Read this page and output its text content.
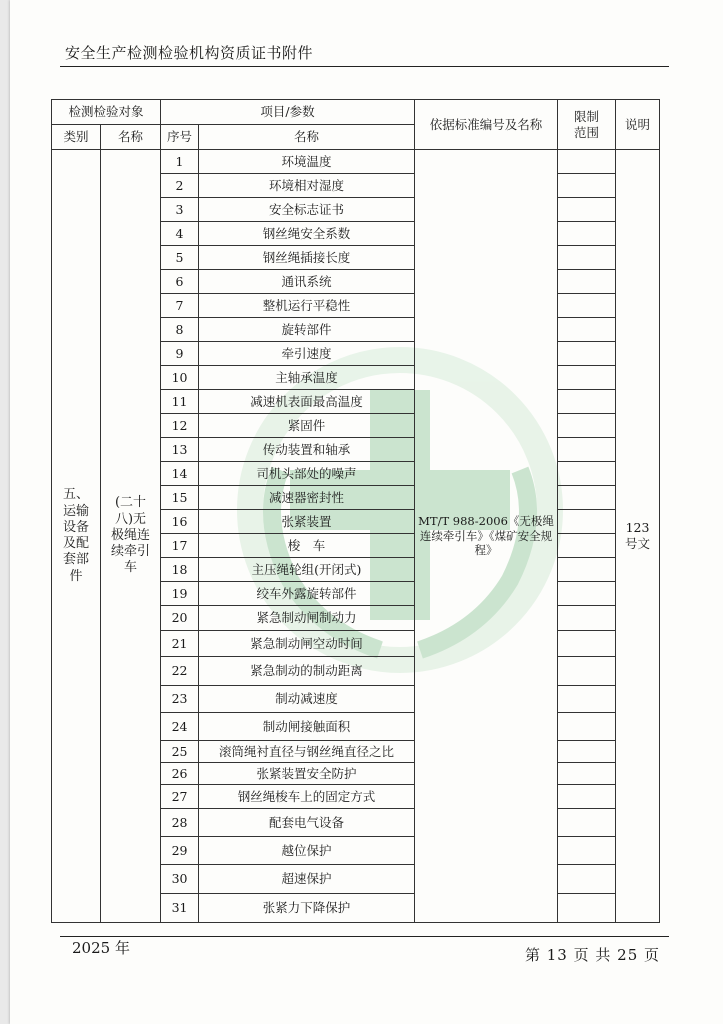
安全生产检测检验机构资质证书附件
2025 年	第 13 页 共 25 页
检测检验对象		项目/参数		依据标准编号及名称	限制范围	说明
类别	名称	序号	名称			
五、运输设备及配套部件	(二十八)无极绳连续牵引车	1	环境温度	MT/T 988-2006《无极绳连续牵引车》《煤矿安全规程》		123号文
		2	环境相对湿度			
		3	安全标志证书			
		4	钢丝绳安全系数			
		5	钢丝绳插接长度			
		6	通讯系统			
		7	整机运行平稳性			
		8	旋转部件			
		9	牵引速度			
		10	主轴承温度			
		11	减速机表面最高温度			
		12	紧固件			
		13	传动装置和轴承			
		14	司机头部处的噪声			
		15	减速器密封性			
		16	张紧装置			
		17	梭　车			
		18	主压绳轮组(开闭式)			
		19	绞车外露旋转部件			
		20	紧急制动闸制动力			
		21	紧急制动闸空动时间			
		22	紧急制动的制动距离			
		23	制动减速度			
		24	制动闸接触面积			
		25	滚筒绳衬直径与钢丝绳直径之比			
		26	张紧装置安全防护			
		27	钢丝绳梭车上的固定方式			
		28	配套电气设备			
		29	越位保护			
		30	超速保护			
		31	张紧力下降保护			
